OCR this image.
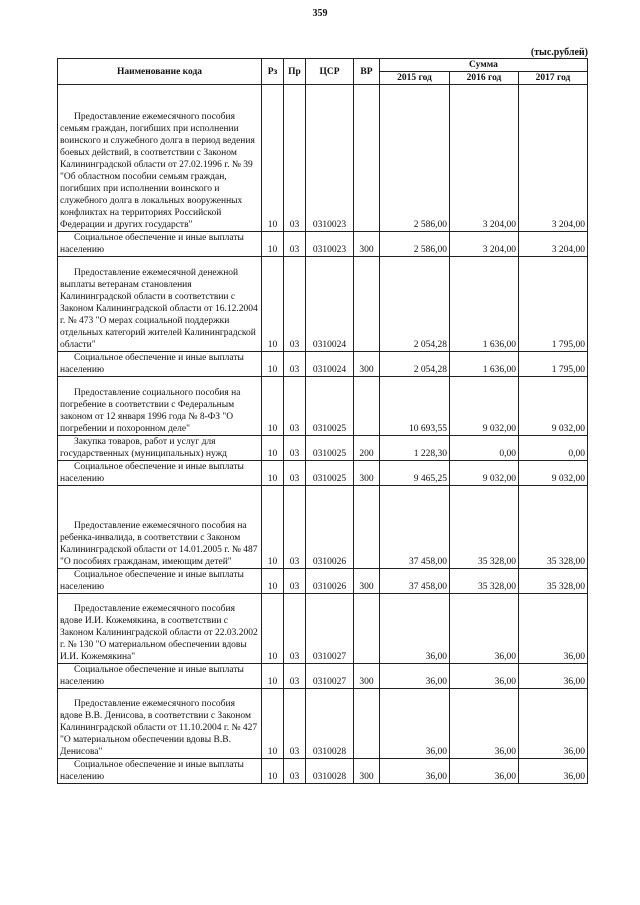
359
(тыс.рублей)
Наименование кода	Рз	Пр	ЦСР	ВР	Сумма		
					2015 год	2016 год	2017 год

Предоставление ежемесячного пособия семьям граждан, погибших при исполнении воинского и служебного долга в период ведения боевых действий, в соответствии с Законом Калининградской области от 27.02.1996 г. № 39 "Об областном пособии семьям граждан, погибших при исполнении воинского и служебного долга в локальных вооруженных конфликтах на территориях Российской Федерации и других государств"	10	03	0310023		2 586,00	3 204,00	3 204,00

Социальное обеспечение и иные выплаты населению	10	03	0310023	300	2 586,00	3 204,00	3 204,00

Предоставление ежемесячной денежной выплаты ветеранам становления Калининградской области в соответствии с Законом Калининградской области от 16.12.2004 г. № 473 "О мерах социальной поддержки отдельных категорий жителей Калининградской области"	10	03	0310024		2 054,28	1 636,00	1 795,00

Социальное обеспечение и иные выплаты населению	10	03	0310024	300	2 054,28	1 636,00	1 795,00

Предоставление социального пособия на погребение в соответствии с Федеральным законом от 12 января 1996 года № 8-ФЗ "О погребении и похоронном деле"	10	03	0310025		10 693,55	9 032,00	9 032,00

Закупка товаров, работ и услуг для государственных (муниципальных) нужд	10	03	0310025	200	1 228,30	0,00	0,00

Социальное обеспечение и иные выплаты населению	10	03	0310025	300	9 465,25	9 032,00	9 032,00

Предоставление ежемесячного пособия на ребенка-инвалида, в соответствии с Законом Калининградской области от 14.01.2005 г. № 487 "О пособиях гражданам, имеющим детей"	10	03	0310026		37 458,00	35 328,00	35 328,00

Социальное обеспечение и иные выплаты населению	10	03	0310026	300	37 458,00	35 328,00	35 328,00

Предоставление ежемесячного пособия вдове И.И. Кожемякина, в соответствии с Законом Калининградской области от 22.03.2002 г. № 130 "О материальном обеспечении вдовы И.И. Кожемякина"	10	03	0310027		36,00	36,00	36,00

Социальное обеспечение и иные выплаты населению	10	03	0310027	300	36,00	36,00	36,00

Предоставление ежемесячного пособия вдове В.В. Денисова, в соответствии с Законом Калининградской области от 11.10.2004 г. № 427 "О материальном обеспечении вдовы В.В. Денисова"	10	03	0310028		36,00	36,00	36,00

Социальное обеспечение и иные выплаты населению	10	03	0310028	300	36,00	36,00	36,00
